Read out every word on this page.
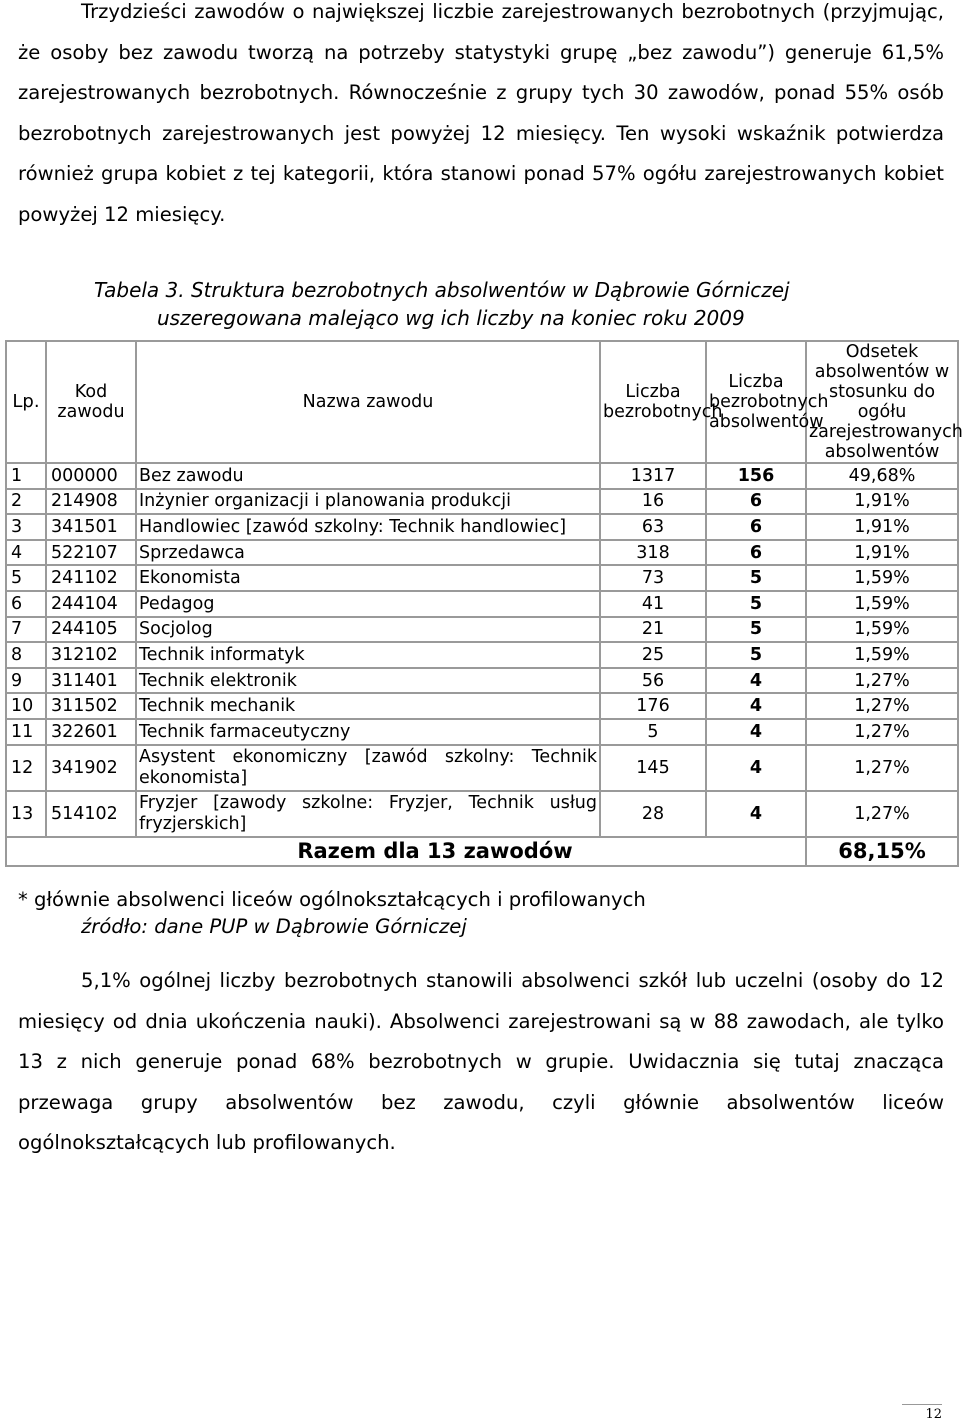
Trzydzieści zawodów o największej liczbie zarejestrowanych bezrobotnych (przyjmując, że osoby bez zawodu tworzą na potrzeby statystyki grupę „bez zawodu”) generuje 61,5% zarejestrowanych bezrobotnych. Równocześnie z grupy tych 30 zawodów, ponad 55% osób bezrobotnych zarejestrowanych jest powyżej 12 miesięcy. Ten wysoki wskaźnik potwierdza również grupa kobiet z tej kategorii, która stanowi ponad 57% ogółu zarejestrowanych kobiet powyżej 12 miesięcy.

Tabela 3. Struktura bezrobotnych absolwentów w Dąbrowie Górniczej
uszeregowana malejąco wg ich liczby na koniec roku 2009
Lp.	Kod zawodu	Nazwa zawodu	Liczba bezrobotnych	Liczba bezrobotnych absolwentów	Odsetek absolwentów w stosunku do ogółu zarejestrowanych absolwentów
1	000000	Bez zawodu	1317	156	49,68%
2	214908	Inżynier organizacji i planowania produkcji	16	6	1,91%
3	341501	Handlowiec [zawód szkolny: Technik handlowiec]	63	6	1,91%
4	522107	Sprzedawca	318	6	1,91%
5	241102	Ekonomista	73	5	1,59%
6	244104	Pedagog	41	5	1,59%
7	244105	Socjolog	21	5	1,59%
8	312102	Technik informatyk	25	5	1,59%
9	311401	Technik elektronik	56	4	1,27%
10	311502	Technik mechanik	176	4	1,27%
11	322601	Technik farmaceutyczny	5	4	1,27%
12	341902	Asystent ekonomiczny [zawód szkolny: Technik ekonomista]	145	4	1,27%
13	514102	Fryzjer [zawody szkolne: Fryzjer, Technik usług fryzjerskich]	28	4	1,27%
Razem dla 13 zawodów					68,15%
* głównie absolwenci liceów ogólnokształcących i profilowanych
źródło: dane PUP w Dąbrowie Górniczej

5,1% ogólnej liczby bezrobotnych stanowili absolwenci szkół lub uczelni (osoby do 12 miesięcy od dnia ukończenia nauki). Absolwenci zarejestrowani są w 88 zawodach, ale tylko 13 z nich generuje ponad 68% bezrobotnych w grupie. Uwidacznia się tutaj znacząca przewaga grupy absolwentów bez zawodu, czyli głównie absolwentów liceów ogólnokształcących lub profilowanych.

12
